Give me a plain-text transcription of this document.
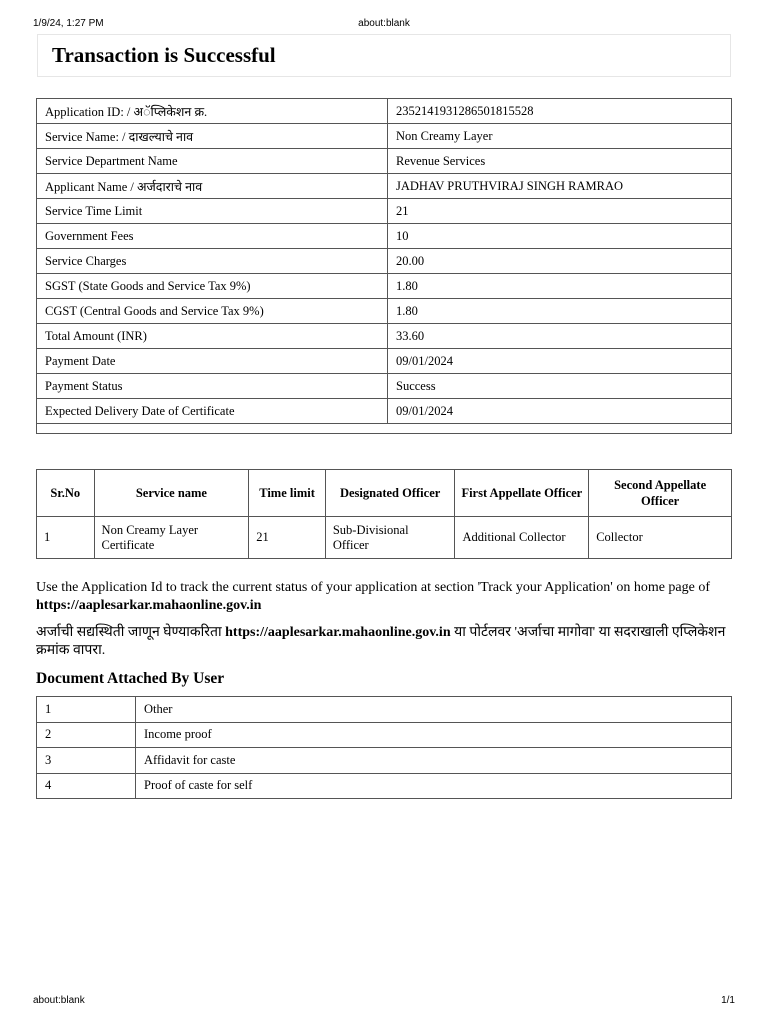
1/9/24, 1:27 PM	about:blank
Transaction is Successful
Application ID: / अॅप्लिकेशन क्र.	2352141931286501815528
Service Name: / दाखल्याचे नाव	Non Creamy Layer
Service Department Name	Revenue Services
Applicant Name / अर्जदाराचे नाव	JADHAV PRUTHVIRAJ SINGH RAMRAO
Service Time Limit	21
Government Fees	10
Service Charges	20.00
SGST (State Goods and Service Tax 9%)	1.80
CGST (Central Goods and Service Tax 9%)	1.80
Total Amount (INR)	33.60
Payment Date	09/01/2024
Payment Status	Success
Expected Delivery Date of Certificate	09/01/2024

Sr.No	Service name	Time limit	Designated Officer	First Appellate Officer	Second Appellate Officer
1	Non Creamy Layer Certificate	21	Sub-Divisional Officer	Additional Collector	Collector
Use the Application Id to track the current status of your application at section 'Track your Application' on home page of
https://aaplesarkar.mahaonline.gov.in
अर्जाची सद्यस्थिती जाणून घेण्याकरिता https://aaplesarkar.mahaonline.gov.in या पोर्टलवर 'अर्जाचा मागोवा' या सदराखाली एप्लिकेशन क्रमांक वापरा.
Document Attached By User
1	Other
2	Income proof
3	Affidavit for caste
4	Proof of caste for self
about:blank	1/1
